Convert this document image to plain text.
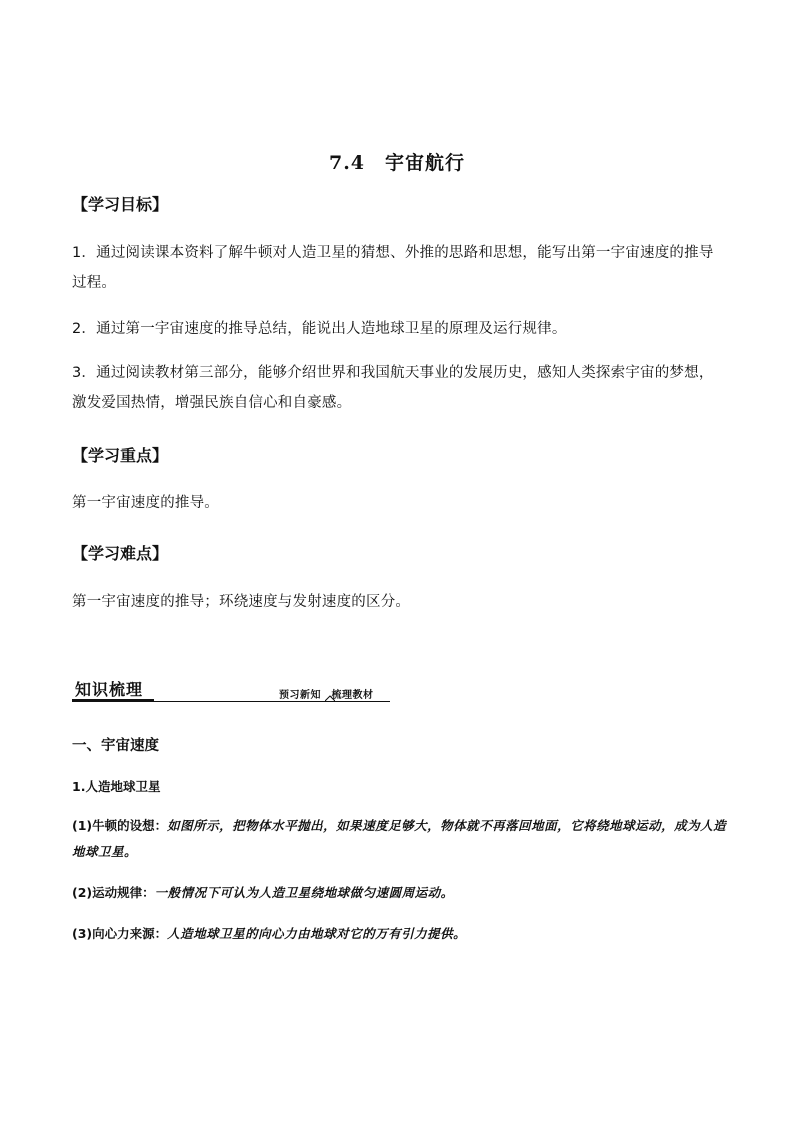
7.4　宇宙航行
【学习目标】
1．通过阅读课本资料了解牛顿对人造卫星的猜想、外推的思路和思想，能写出第一宇宙速度的推导过程。
2．通过第一宇宙速度的推导总结，能说出人造地球卫星的原理及运行规律。
3．通过阅读教材第三部分，能够介绍世界和我国航天事业的发展历史，感知人类探索宇宙的梦想，激发爱国热情，增强民族自信心和自豪感。
【学习重点】
第一宇宙速度的推导。
【学习难点】
第一宇宙速度的推导；环绕速度与发射速度的区分。
知识梳理	预习新知　梳理教材
一、宇宙速度
1.人造地球卫星
(1)牛顿的设想：如图所示，把物体水平抛出，如果速度足够大，物体就不再落回地面，它将绕地球运动，成为人造地球卫星。
(2)运动规律：一般情况下可认为人造卫星绕地球做匀速圆周运动。
(3)向心力来源：人造地球卫星的向心力由地球对它的万有引力提供。
